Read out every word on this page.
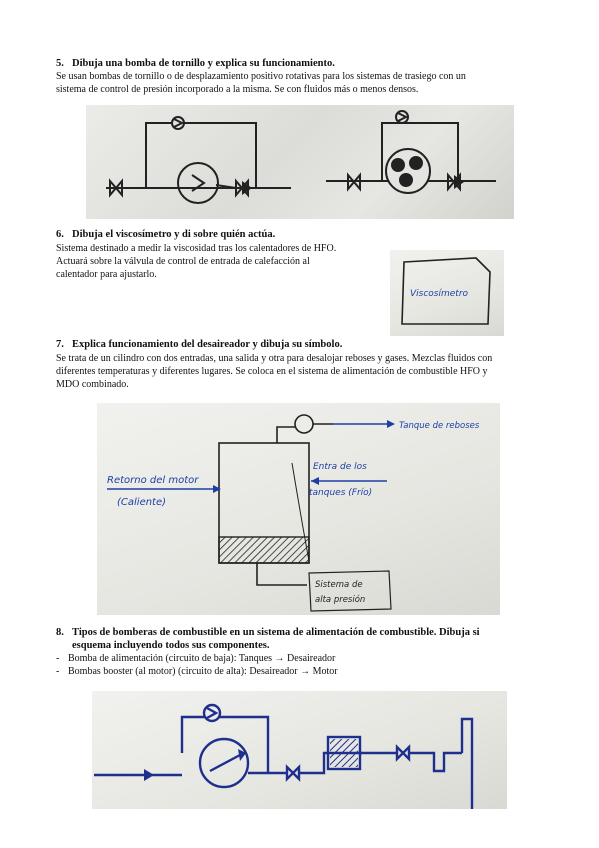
5. Dibuja una bomba de tornillo y explica su funcionamiento.
Se usan bombas de tornillo o de desplazamiento positivo rotativas para los sistemas de trasiego con un
sistema de control de presión incorporado a la misma. Se con fluidos más o menos densos.
6. Dibuja el viscosímetro y di sobre quién actúa.
Sistema destinado a medir la viscosidad tras los calentadores de HFO.
Actuará sobre la válvula de control de entrada de calefacción al
calentador para ajustarlo.
Viscosímetro
7. Explica funcionamiento del desaireador y dibuja su símbolo.
Se trata de un cilindro con dos entradas, una salida y otra para desalojar reboses y gases. Mezclas fluidos con
diferentes temperaturas y diferentes lugares. Se coloca en el sistema de alimentación de combustible HFO y
MDO combinado.
Tanque de reboses
Retorno del motor
(Caliente)
Entra de los
tanques (Frío)
Sistema de
alta presión
8. Tipos de bomberas de combustible en un sistema de alimentación de combustible. Dibuja si
esquema incluyendo todos sus componentes.
- Bomba de alimentación (circuito de baja): Tanques → Desaireador
- Bombas booster (al motor) (circuito de alta): Desaireador → Motor
